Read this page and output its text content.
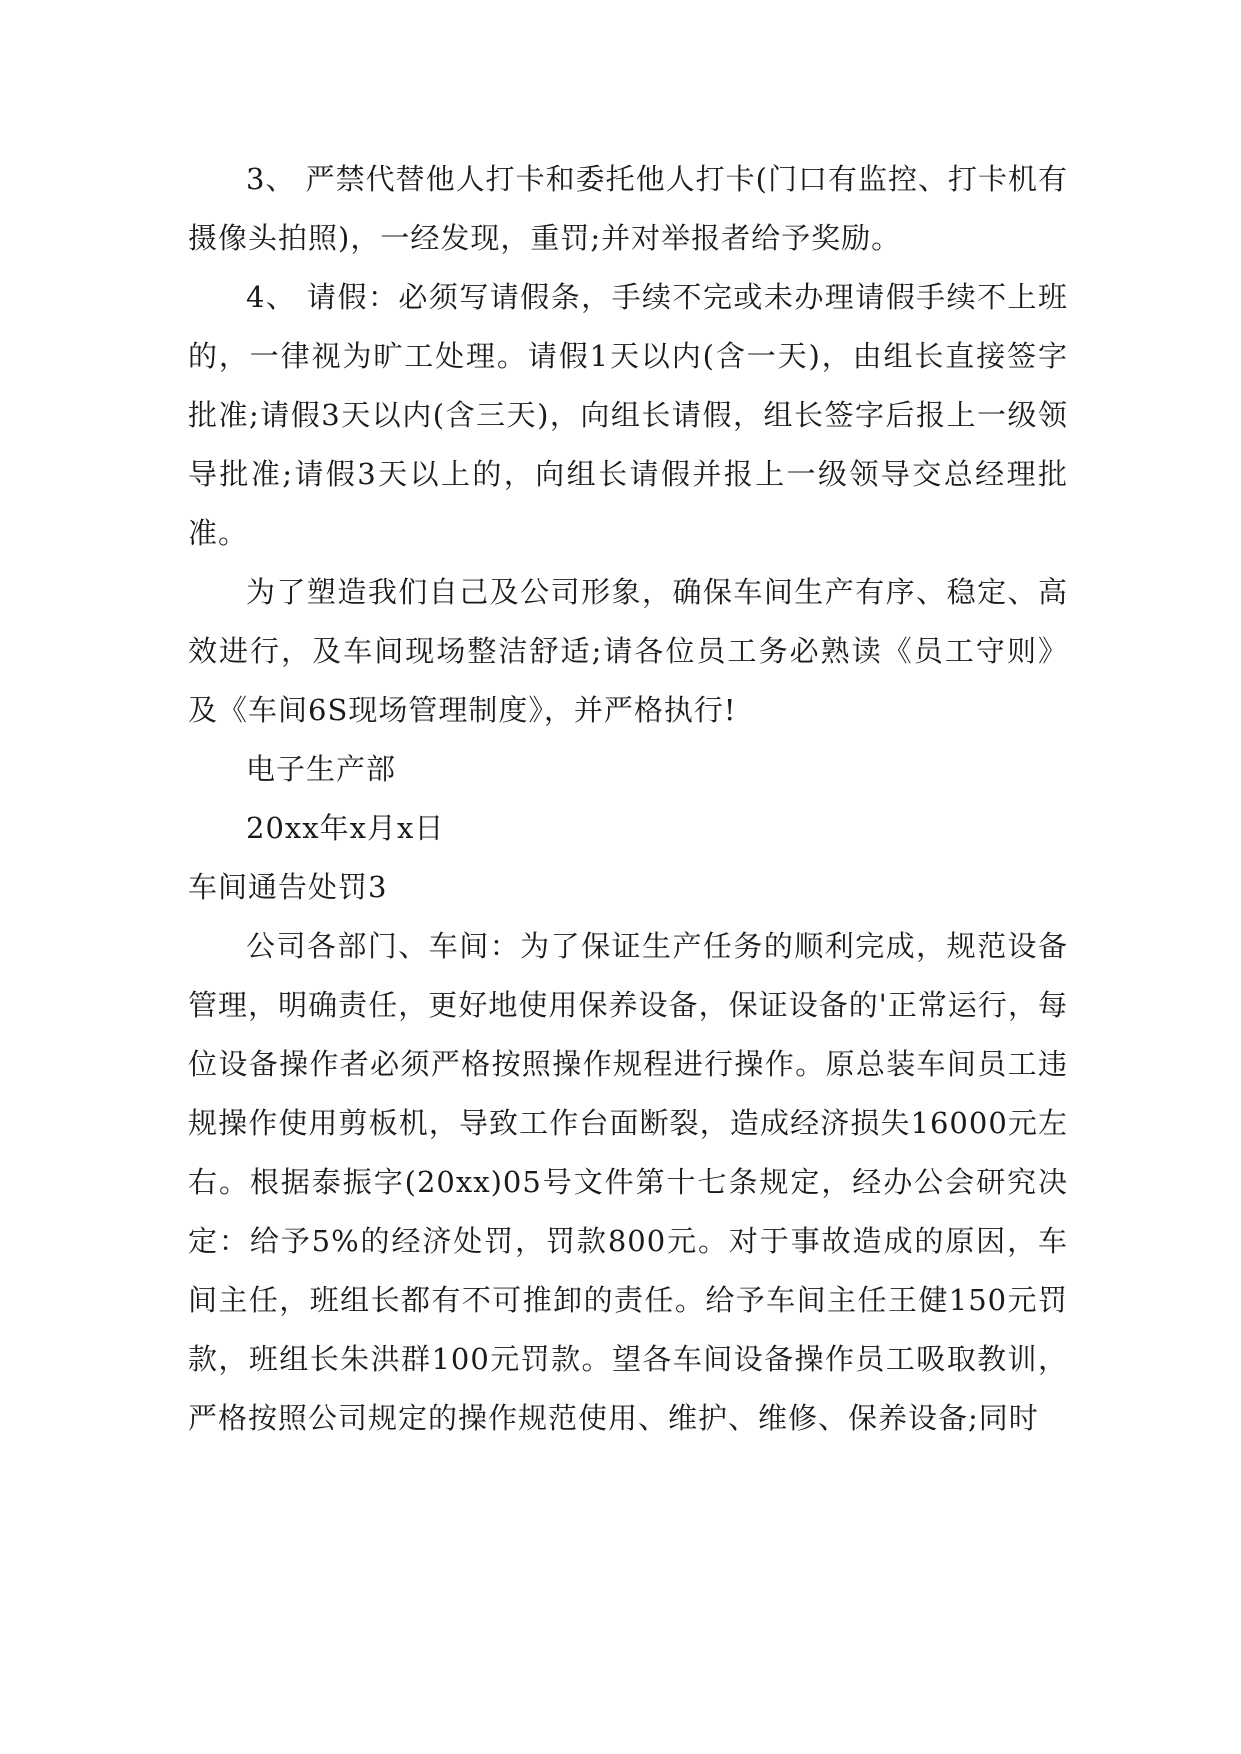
3、 严禁代替他人打卡和委托他人打卡(门口有监控、打卡机有摄像头拍照)，一经发现，重罚;并对举报者给予奖励。

4、 请假：必须写请假条，手续不完或未办理请假手续不上班的，一律视为旷工处理。请假1天以内(含一天)，由组长直接签字批准;请假3天以内(含三天)，向组长请假，组长签字后报上一级领导批准;请假3天以上的，向组长请假并报上一级领导交总经理批准。

为了塑造我们自己及公司形象，确保车间生产有序、稳定、高效进行，及车间现场整洁舒适;请各位员工务必熟读《员工守则》及《车间6S现场管理制度》，并严格执行!

电子生产部

20xx年x月x日

车间通告处罚3

公司各部门、车间：为了保证生产任务的顺利完成，规范设备管理，明确责任，更好地使用保养设备，保证设备的'正常运行，每位设备操作者必须严格按照操作规程进行操作。原总装车间员工违规操作使用剪板机，导致工作台面断裂，造成经济损失16000元左右。根据泰振字(20xx)05号文件第十七条规定，经办公会研究决定：给予5%的经济处罚，罚款800元。对于事故造成的原因，车间主任，班组长都有不可推卸的责任。给予车间主任王健150元罚款，班组长朱洪群100元罚款。望各车间设备操作员工吸取教训，严格按照公司规定的操作规范使用、维护、维修、保养设备;同时
